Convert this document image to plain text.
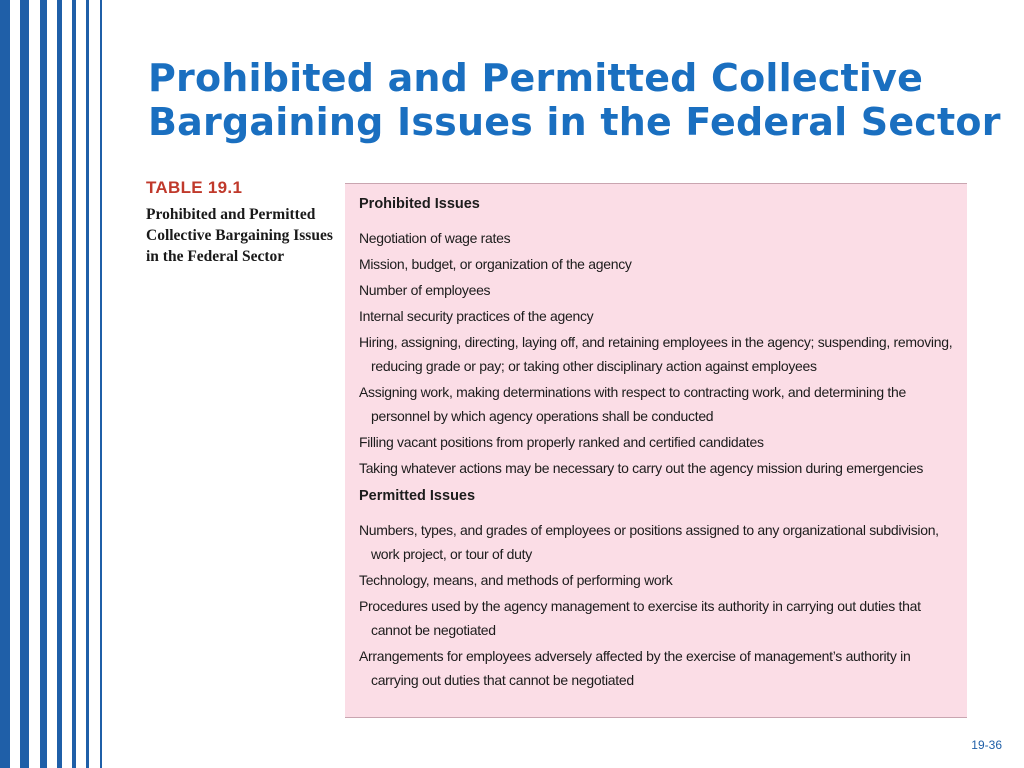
Prohibited and Permitted Collective
Bargaining Issues in the Federal Sector
TABLE 19.1
Prohibited and Permitted
Collective Bargaining Issues
in the Federal Sector
Prohibited Issues
Negotiation of wage rates
Mission, budget, or organization of the agency
Number of employees
Internal security practices of the agency
Hiring, assigning, directing, laying off, and retaining employees in the agency; suspending, removing, reducing grade or pay; or taking other disciplinary action against employees
Assigning work, making determinations with respect to contracting work, and determining the personnel by which agency operations shall be conducted
Filling vacant positions from properly ranked and certified candidates
Taking whatever actions may be necessary to carry out the agency mission during emergencies
Permitted Issues
Numbers, types, and grades of employees or positions assigned to any organizational subdivision, work project, or tour of duty
Technology, means, and methods of performing work
Procedures used by the agency management to exercise its authority in carrying out duties that cannot be negotiated
Arrangements for employees adversely affected by the exercise of management’s authority in carrying out duties that cannot be negotiated
19-36
